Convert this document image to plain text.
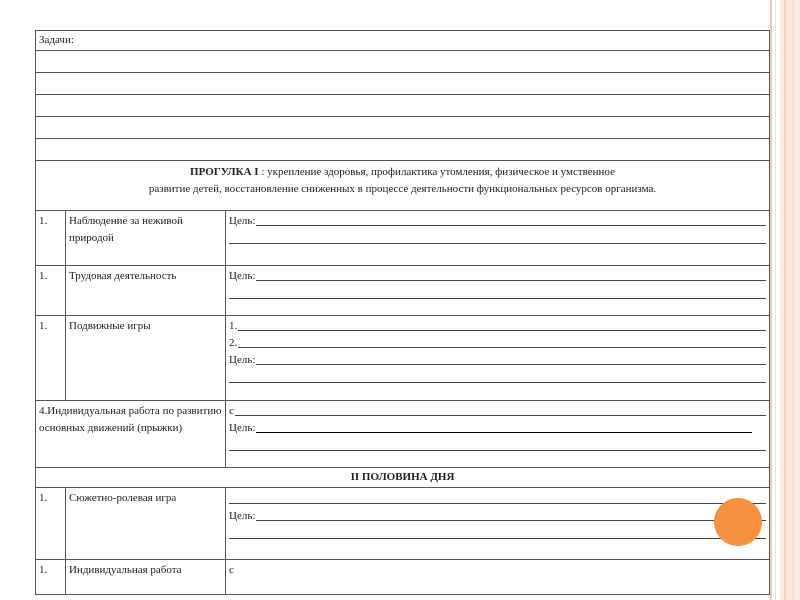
Задачи:		

ПРОГУЛКА I : укрепление здоровья, профилактика утомления, физическое и умственное
развитие детей, восстановление сниженных в процессе деятельности функциональных ресурсов организма.		
1.	Наблюдение за неживой природой	Цель:

1.	Трудовая деятельность	Цель:

1.	Подвижные игры	1.
2.
Цель:

4.Индивидуальная работа по развитию основных движений (прыжки)		с
Цель:

II ПОЛОВИНА ДНЯ		
1.	Сюжетно-ролевая игра	Цель:

1.	Индивидуальная работа	с
